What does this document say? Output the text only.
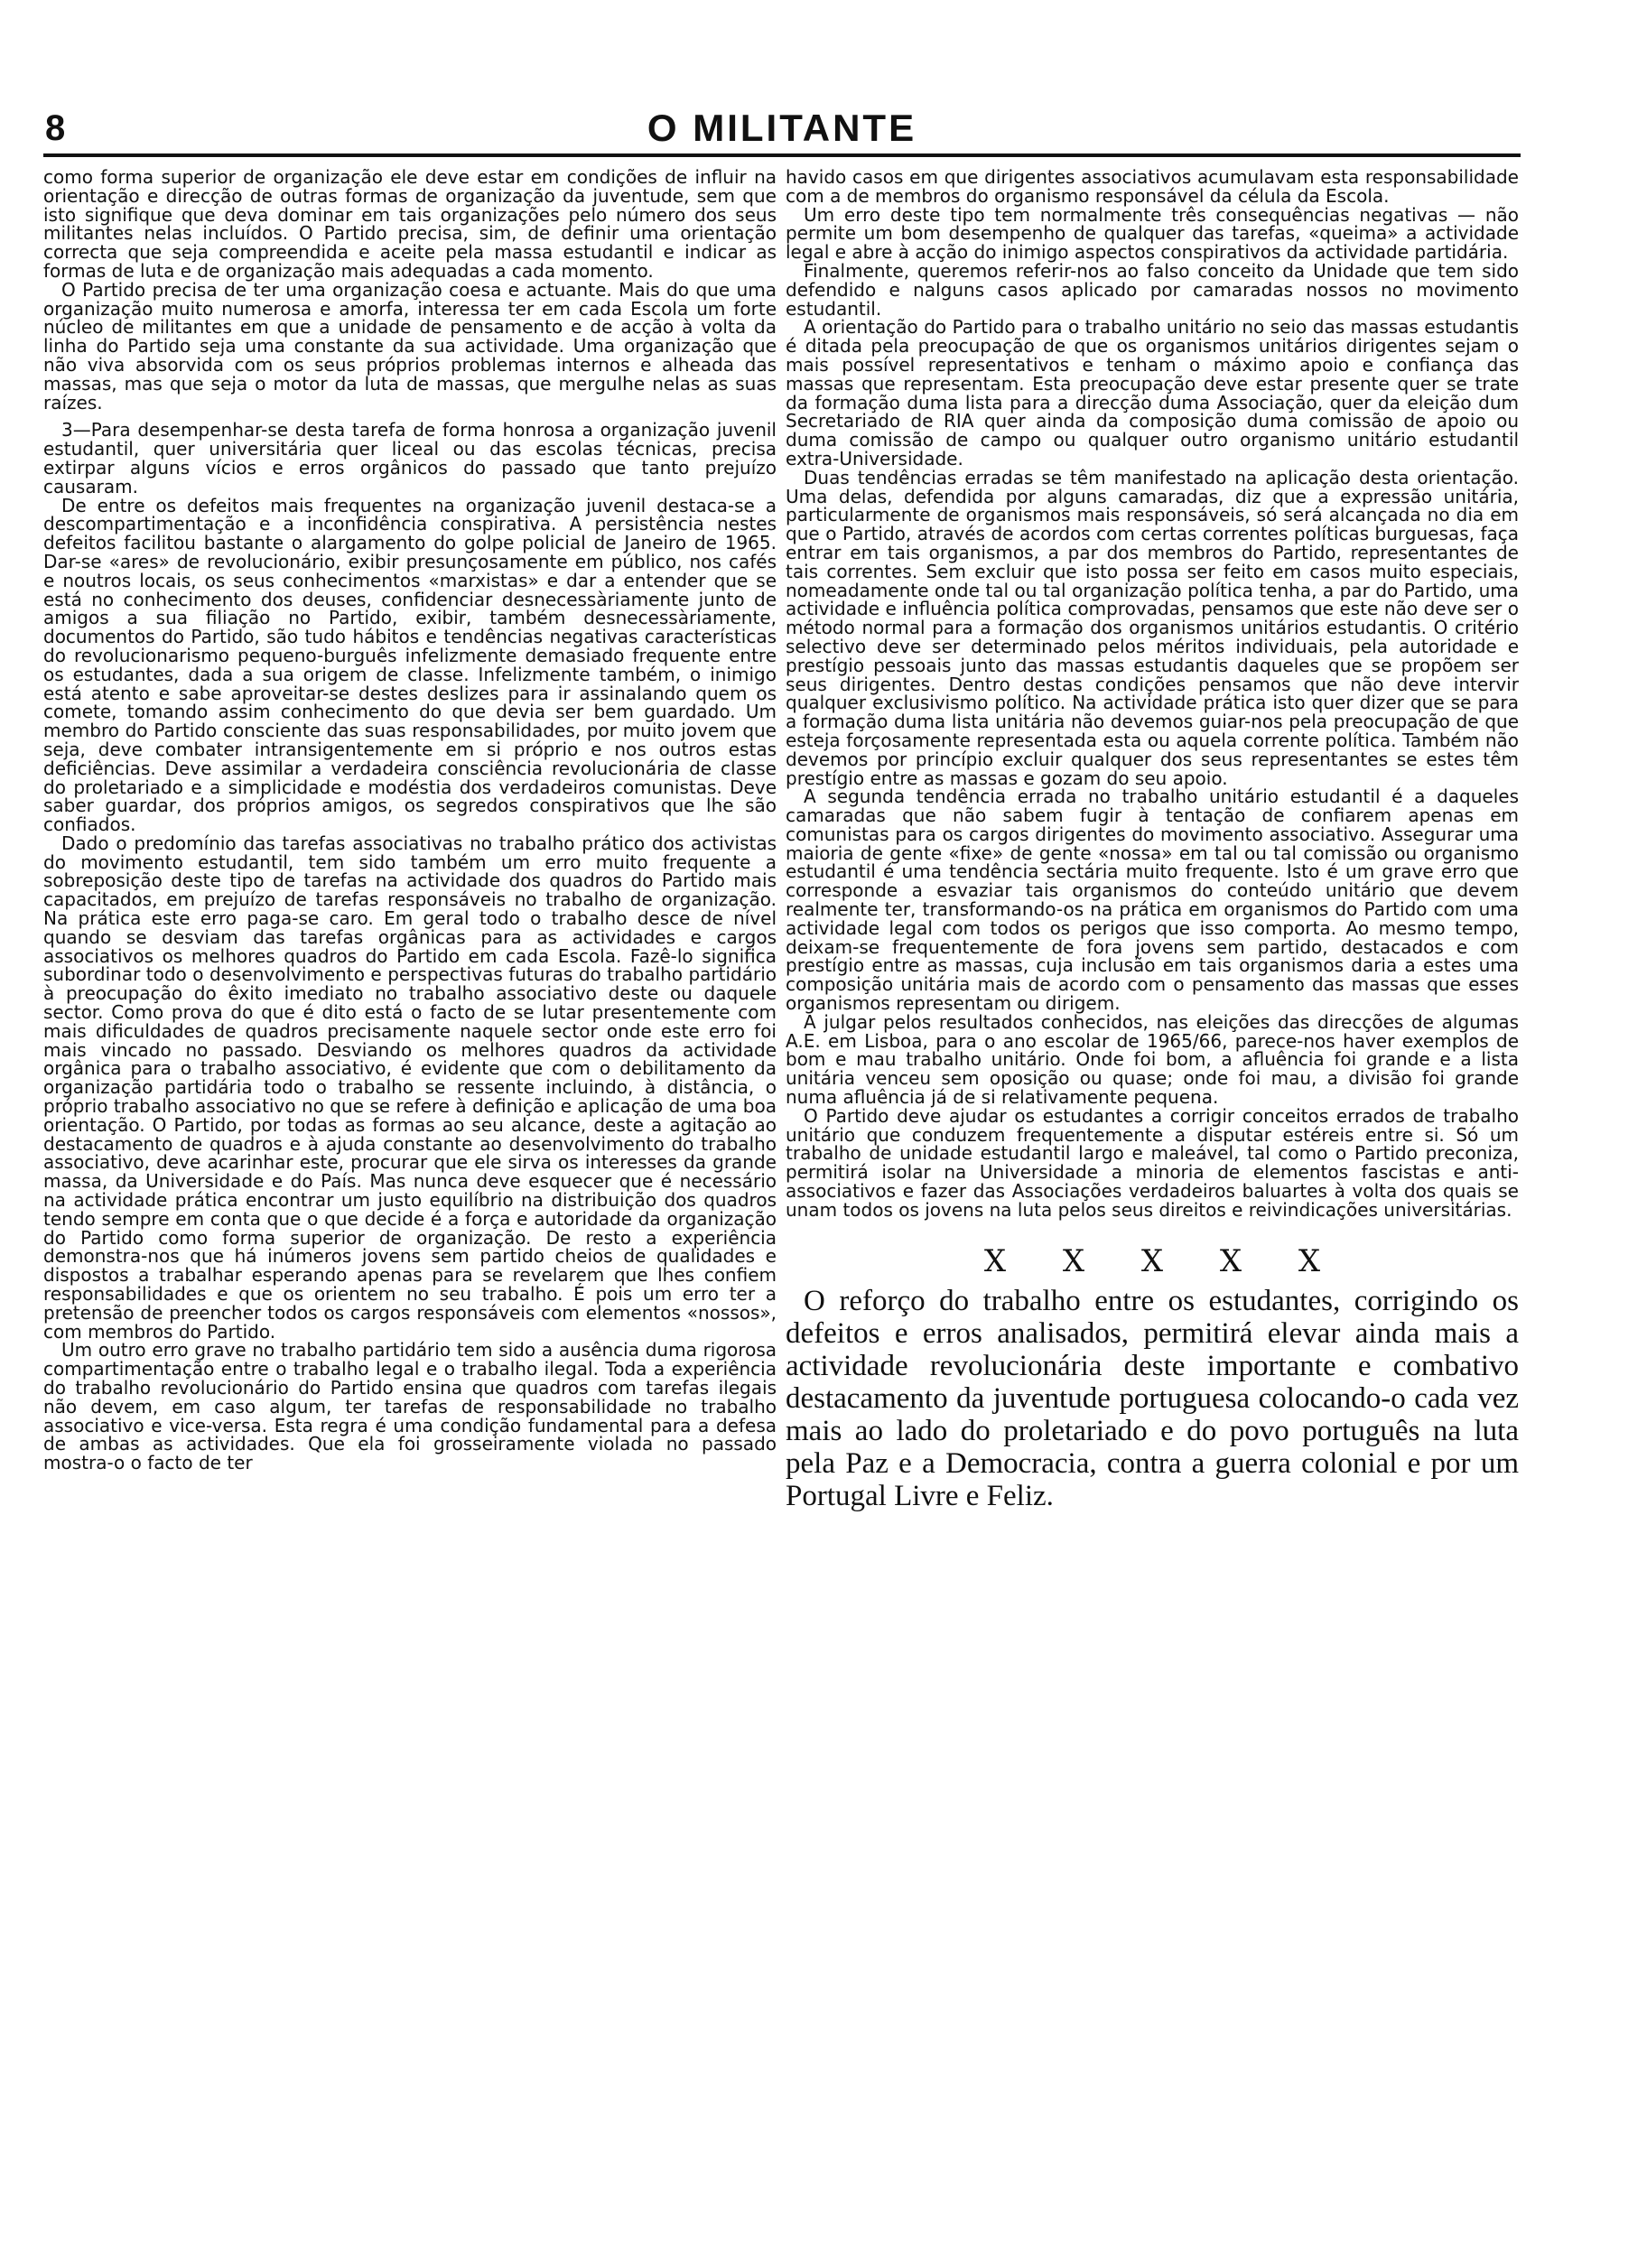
8	O MILITANTE

como forma superior de organização ele deve estar em condições de influir na orientação e direcção de outras formas de organização da juventude, sem que isto signifique que deva dominar em tais organizações pelo número dos seus militantes nelas incluídos. O Partido precisa, sim, de definir uma orientação correcta que seja compreendida e aceite pela massa estudantil e indicar as formas de luta e de organização mais adequadas a cada momento.

O Partido precisa de ter uma organização coesa e actuante. Mais do que uma organização muito numerosa e amorfa, interessa ter em cada Escola um forte núcleo de militantes em que a unidade de pensamento e de acção à volta da linha do Partido seja uma constante da sua actividade. Uma organização que não viva absorvida com os seus próprios problemas internos e alheada das massas, mas que seja o motor da luta de massas, que mergulhe nelas as suas raízes.

3—Para desempenhar-se desta tarefa de forma honrosa a organização juvenil estudantil, quer universitária quer liceal ou das escolas técnicas, precisa extirpar alguns vícios e erros orgânicos do passado que tanto prejuízo causaram.

De entre os defeitos mais frequentes na organização juvenil destaca-se a descompartimentação e a inconfidência conspirativa. A persistência nestes defeitos facilitou bastante o alargamento do golpe policial de Janeiro de 1965. Dar-se «ares» de revolucionário, exibir presunçosamente em público, nos cafés e noutros locais, os seus conhecimentos «marxistas» e dar a entender que se está no conhecimento dos deuses, confidenciar desnecessàriamente junto de amigos a sua filiação no Partido, exibir, também desnecessàriamente, documentos do Partido, são tudo hábitos e tendências negativas características do revolucionarismo pequeno-burguês infelizmente demasiado frequente entre os estudantes, dada a sua origem de classe. Infelizmente também, o inimigo está atento e sabe aproveitar-se destes deslizes para ir assinalando quem os comete, tomando assim conhecimento do que devia ser bem guardado. Um membro do Partido consciente das suas responsabilidades, por muito jovem que seja, deve combater intransigentemente em si próprio e nos outros estas deficiências. Deve assimilar a verdadeira consciência revolucionária de classe do proletariado e a simplicidade e modéstia dos verdadeiros comunistas. Deve saber guardar, dos próprios amigos, os segredos conspirativos que lhe são confiados.

Dado o predomínio das tarefas associativas no trabalho prático dos activistas do movimento estudantil, tem sido também um erro muito frequente a sobreposição deste tipo de tarefas na actividade dos quadros do Partido mais capacitados, em prejuízo de tarefas responsáveis no trabalho de organização. Na prática este erro paga-se caro. Em geral todo o trabalho desce de nível quando se desviam das tarefas orgânicas para as actividades e cargos associativos os melhores quadros do Partido em cada Escola. Fazê-lo significa subordinar todo o desenvolvimento e perspectivas futuras do trabalho partidário à preocupação do êxito imediato no trabalho associativo deste ou daquele sector. Como prova do que é dito está o facto de se lutar presentemente com mais dificuldades de quadros precisamente naquele sector onde este erro foi mais vincado no passado. Desviando os melhores quadros da actividade orgânica para o trabalho associativo, é evidente que com o debilitamento da organização partidária todo o trabalho se ressente incluindo, à distância, o próprio trabalho associativo no que se refere à definição e aplicação de uma boa orientação. O Partido, por todas as formas ao seu alcance, deste a agitação ao destacamento de quadros e à ajuda constante ao desenvolvimento do trabalho associativo, deve acarinhar este, procurar que ele sirva os interesses da grande massa, da Universidade e do País. Mas nunca deve esquecer que é necessário na actividade prática encontrar um justo equilíbrio na distribuição dos quadros tendo sempre em conta que o que decide é a força e autoridade da organização do Partido como forma superior de organização. De resto a experiência demonstra-nos que há inúmeros jovens sem partido cheios de qualidades e dispostos a trabalhar esperando apenas para se revelarem que lhes confiem responsabilidades e que os orientem no seu trabalho. É pois um erro ter a pretensão de preencher todos os cargos responsáveis com elementos «nossos», com membros do Partido.

Um outro erro grave no trabalho partidário tem sido a ausência duma rigorosa compartimentação entre o trabalho legal e o trabalho ilegal. Toda a experiência do trabalho revolucionário do Partido ensina que quadros com tarefas ilegais não devem, em caso algum, ter tarefas de responsabilidade no trabalho associativo e vice-versa. Esta regra é uma condição fundamental para a defesa de ambas as actividades. Que ela foi grosseiramente violada no passado mostra-o o facto de ter

havido casos em que dirigentes associativos acumulavam esta responsabilidade com a de membros do organismo responsável da célula da Escola.

Um erro deste tipo tem normalmente três consequências negativas — não permite um bom desempenho de qualquer das tarefas, «queima» a actividade legal e abre à acção do inimigo aspectos conspirativos da actividade partidária.

Finalmente, queremos referir-nos ao falso conceito da Unidade que tem sido defendido e nalguns casos aplicado por camaradas nossos no movimento estudantil.

A orientação do Partido para o trabalho unitário no seio das massas estudantis é ditada pela preocupação de que os organismos unitários dirigentes sejam o mais possível representativos e tenham o máximo apoio e confiança das massas que representam. Esta preocupação deve estar presente quer se trate da formação duma lista para a direcção duma Associação, quer da eleição dum Secretariado de RIA quer ainda da composição duma comissão de apoio ou duma comissão de campo ou qualquer outro organismo unitário estudantil extra-Universidade.

Duas tendências erradas se têm manifestado na aplicação desta orientação. Uma delas, defendida por alguns camaradas, diz que a expressão unitária, particularmente de organismos mais responsáveis, só será alcançada no dia em que o Partido, através de acordos com certas correntes políticas burguesas, faça entrar em tais organismos, a par dos membros do Partido, representantes de tais correntes. Sem excluir que isto possa ser feito em casos muito especiais, nomeadamente onde tal ou tal organização política tenha, a par do Partido, uma actividade e influência política comprovadas, pensamos que este não deve ser o método normal para a formação dos organismos unitários estudantis. O critério selectivo deve ser determinado pelos méritos individuais, pela autoridade e prestígio pessoais junto das massas estudantis daqueles que se propõem ser seus dirigentes. Dentro destas condições pensamos que não deve intervir qualquer exclusivismo político. Na actividade prática isto quer dizer que se para a formação duma lista unitária não devemos guiar-nos pela preocupação de que esteja forçosamente representada esta ou aquela corrente política. Também não devemos por princípio excluir qualquer dos seus representantes se estes têm prestígio entre as massas e gozam do seu apoio.

A segunda tendência errada no trabalho unitário estudantil é a daqueles camaradas que não sabem fugir à tentação de confiarem apenas em comunistas para os cargos dirigentes do movimento associativo. Assegurar uma maioria de gente «fixe» de gente «nossa» em tal ou tal comissão ou organismo estudantil é uma tendência sectária muito frequente. Isto é um grave erro que corresponde a esvaziar tais organismos do conteúdo unitário que devem realmente ter, transformando-os na prática em organismos do Partido com uma actividade legal com todos os perigos que isso comporta. Ao mesmo tempo, deixam-se frequentemente de fora jovens sem partido, destacados e com prestígio entre as massas, cuja inclusão em tais organismos daria a estes uma composição unitária mais de acordo com o pensamento das massas que esses organismos representam ou dirigem.

A julgar pelos resultados conhecidos, nas eleições das direcções de algumas A.E. em Lisboa, para o ano escolar de 1965/66, parece-nos haver exemplos de bom e mau trabalho unitário. Onde foi bom, a afluência foi grande e a lista unitária venceu sem oposição ou quase; onde foi mau, a divisão foi grande numa afluência já de si relativamente pequena.

O Partido deve ajudar os estudantes a corrigir conceitos errados de trabalho unitário que conduzem frequentemente a disputar estéreis entre si. Só um trabalho de unidade estudantil largo e maleável, tal como o Partido preconiza, permitirá isolar na Universidade a minoria de elementos fascistas e anti-associativos e fazer das Associações verdadeiros baluartes à volta dos quais se unam todos os jovens na luta pelos seus direitos e reivindicações universitárias.

X X X X X

O reforço do trabalho entre os estudantes, corrigindo os defeitos e erros analisados, permitirá elevar ainda mais a actividade revolucionária deste importante e combativo destacamento da juventude portuguesa colocando-o cada vez mais ao lado do proletariado e do povo português na luta pela Paz e a Democracia, contra a guerra colonial e por um Portugal Livre e Feliz.
